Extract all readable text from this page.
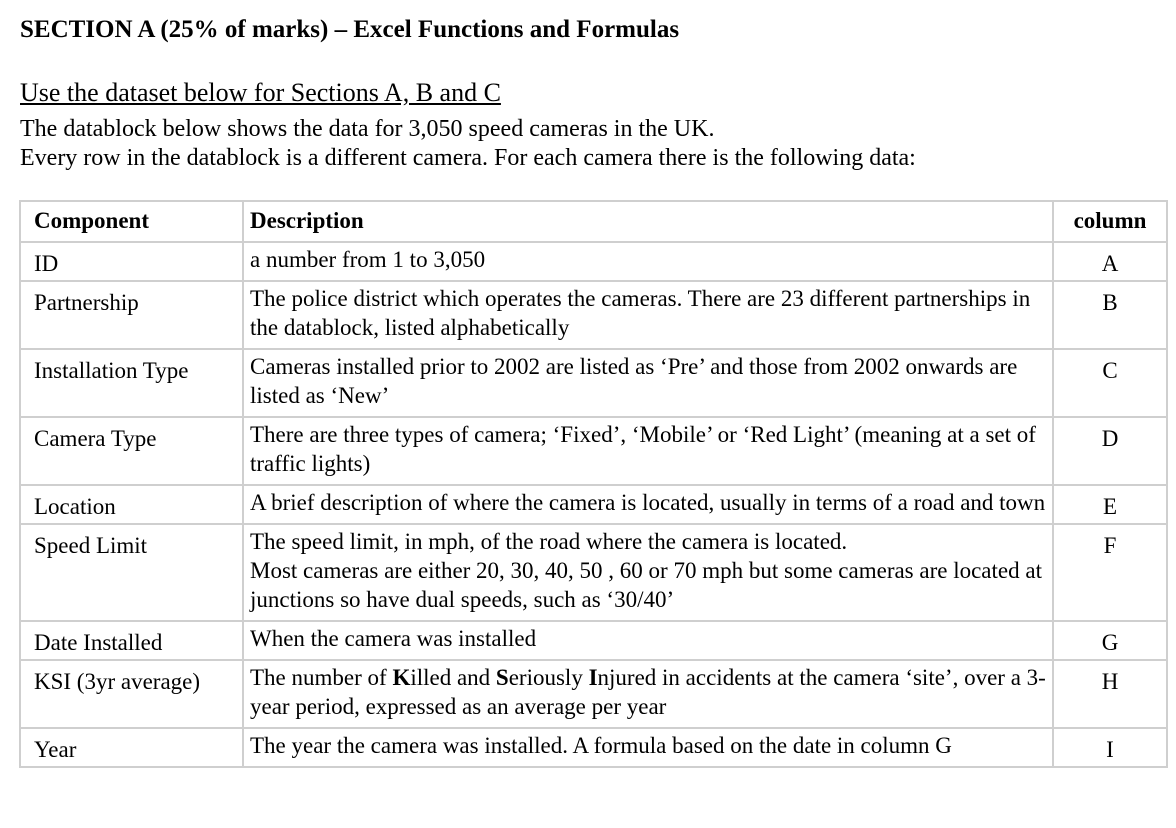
SECTION A (25% of marks) – Excel Functions and Formulas

Use the dataset below for Sections A, B and C

The datablock below shows the data for 3,050 speed cameras in the UK.
Every row in the datablock is a different camera. For each camera there is the following data:
Component	Description	column
ID	a number from 1 to 3,050	A
Partnership	The police district which operates the cameras. There are 23 different partnerships in the datablock, listed alphabetically	B
Installation Type	Cameras installed prior to 2002 are listed as ‘Pre’ and those from 2002 onwards are listed as ‘New’	C
Camera Type	There are three types of camera; ‘Fixed’, ‘Mobile’ or ‘Red Light’ (meaning at a set of traffic lights)	D
Location	A brief description of where the camera is located, usually in terms of a road and town	E
Speed Limit	The speed limit, in mph, of the road where the camera is located.
Most cameras are either 20, 30, 40, 50 , 60 or 70 mph but some cameras are located at junctions so have dual speeds, such as ‘30/40’	F
Date Installed	When the camera was installed	G
KSI (3yr average)	The number of Killed and Seriously Injured in accidents at the camera ‘site’, over a 3-year period, expressed as an average per year	H
Year	The year the camera was installed. A formula based on the date in column G	I
